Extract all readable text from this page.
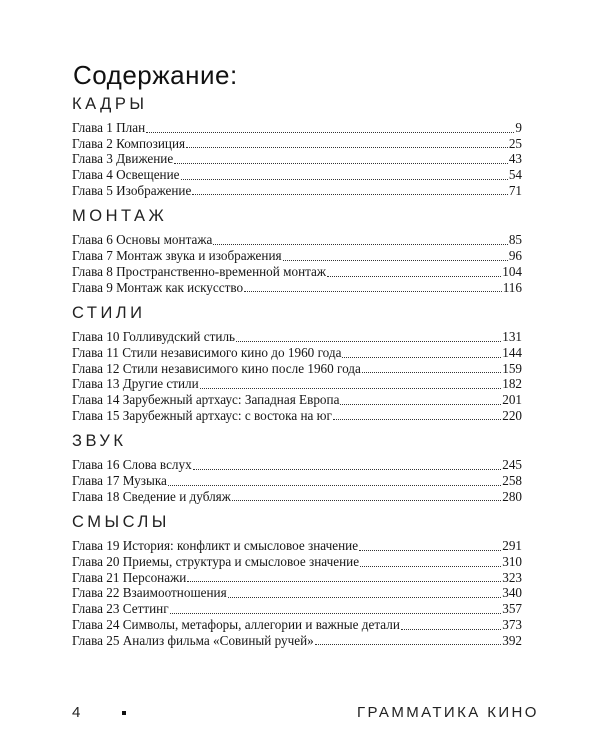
Содержание:
КАДРЫ
Глава 1 План	9
Глава 2 Композиция	25
Глава 3 Движение	43
Глава 4 Освещение	54
Глава 5 Изображение	71
МОНТАЖ
Глава 6 Основы монтажа	85
Глава 7 Монтаж звука и изображения	96
Глава 8 Пространственно-временной монтаж	104
Глава 9 Монтаж как искусство	116
СТИЛИ
Глава 10 Голливудский стиль	131
Глава 11 Стили независимого кино до 1960 года	144
Глава 12 Стили независимого кино после 1960 года	159
Глава 13 Другие стили	182
Глава 14 Зарубежный артхаус: Западная Европа	201
Глава 15 Зарубежный артхаус: с востока на юг	220
ЗВУК
Глава 16 Слова вслух	245
Глава 17 Музыка	258
Глава 18 Сведение и дубляж	280
СМЫСЛЫ
Глава 19 История: конфликт и смысловое значение	291
Глава 20 Приемы, структура и смысловое значение	310
Глава 21 Персонажи	323
Глава 22 Взаимоотношения	340
Глава 23 Сеттинг	357
Глава 24 Символы, метафоры, аллегории и важные детали	373
Глава 25 Анализ фильма «Совиный ручей»	392
4	ГРАММАТИКА КИНО
